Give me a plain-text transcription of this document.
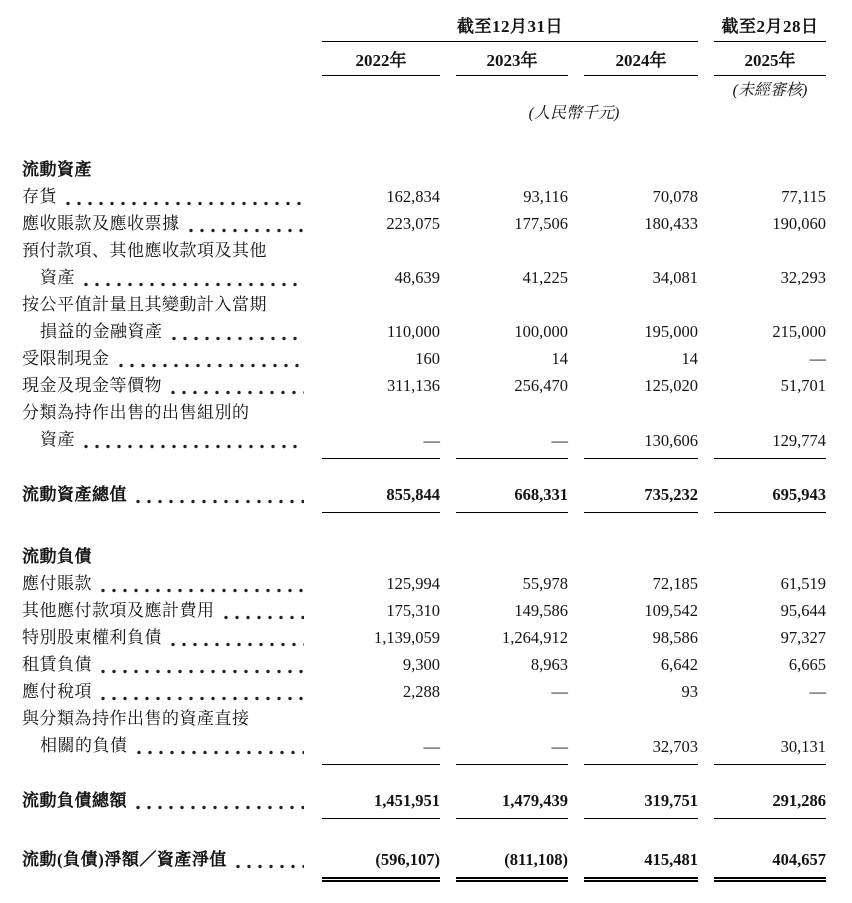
截至12月31日	截至2月28日
2022年	2023年	2024年	2025年
(未經審核)
(人民幣千元)
流動資產
存貨	162,834	93,116	70,078	77,115
應收賬款及應收票據	223,075	177,506	180,433	190,060
預付款項、其他應收款項及其他
資產	48,639	41,225	34,081	32,293
按公平值計量且其變動計入當期
損益的金融資產	110,000	100,000	195,000	215,000
受限制現金	160	14	14	—
現金及現金等價物	311,136	256,470	125,020	51,701
分類為持作出售的出售組別的
資產	—	—	130,606	129,774
流動資產總值	855,844	668,331	735,232	695,943
流動負債
應付賬款	125,994	55,978	72,185	61,519
其他應付款項及應計費用	175,310	149,586	109,542	95,644
特別股東權利負債	1,139,059	1,264,912	98,586	97,327
租賃負債	9,300	8,963	6,642	6,665
應付稅項	2,288	—	93	—
與分類為持作出售的資產直接
相關的負債	—	—	32,703	30,131
流動負債總額	1,451,951	1,479,439	319,751	291,286
流動(負債)淨額／資產淨值	(596,107)	(811,108)	415,481	404,657
